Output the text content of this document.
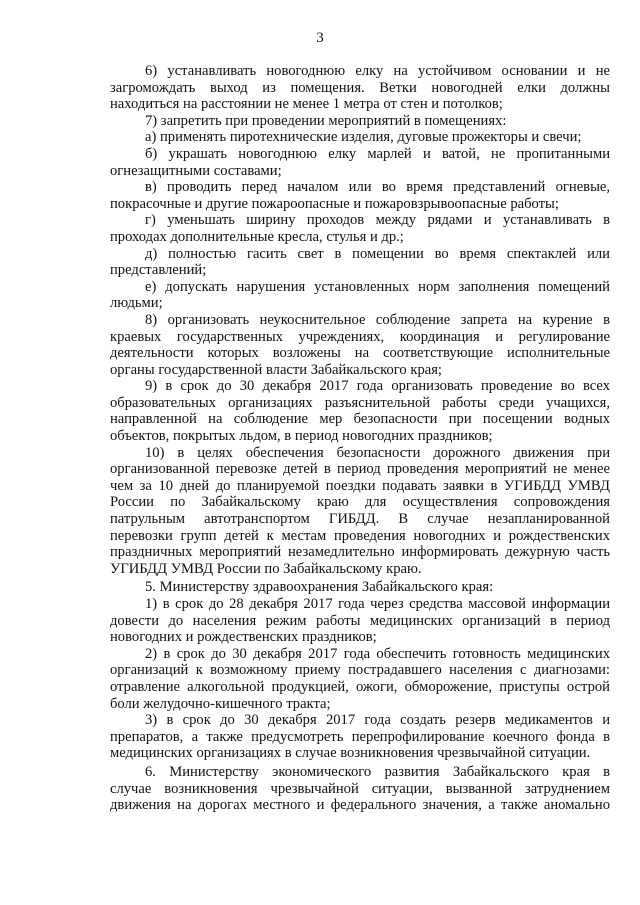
3
6) устанавливать новогоднюю елку на устойчивом основании и не
загромождать выход из помещения. Ветки новогодней елки должны
находиться на расстоянии не менее 1 метра от стен и потолков;
7) запретить при проведении мероприятий в помещениях:
а) применять пиротехнические изделия, дуговые прожекторы и свечи;
б) украшать новогоднюю елку марлей и ватой, не пропитанными
огнезащитными составами;
в) проводить перед началом или во время представлений огневые,
покрасочные и другие пожароопасные и пожаровзрывоопасные работы;
г) уменьшать ширину проходов между рядами и устанавливать в
проходах дополнительные кресла, стулья и др.;
д) полностью гасить свет в помещении во время спектаклей или
представлений;
е) допускать нарушения установленных норм заполнения помещений
людьми;
8) организовать неукоснительное соблюдение запрета на курение в
краевых государственных учреждениях, координация и регулирование
деятельности которых возложены на соответствующие исполнительные
органы государственной власти Забайкальского края;
9) в срок до 30 декабря 2017 года организовать проведение во всех
образовательных организациях разъяснительной работы среди учащихся,
направленной на соблюдение мер безопасности при посещении водных
объектов, покрытых льдом, в период новогодних праздников;
10) в целях обеспечения безопасности дорожного движения при
организованной перевозке детей в период проведения мероприятий не менее
чем за 10 дней до планируемой поездки подавать заявки в УГИБДД УМВД
России по Забайкальскому краю для осуществления сопровождения
патрульным автотранспортом ГИБДД. В случае незапланированной
перевозки групп детей к местам проведения новогодних и рождественских
праздничных мероприятий незамедлительно информировать дежурную часть
УГИБДД УМВД России по Забайкальскому краю.
5. Министерству здравоохранения Забайкальского края:
1) в срок до 28 декабря 2017 года через средства массовой информации
довести до населения режим работы медицинских организаций в период
новогодних и рождественских праздников;
2) в срок до 30 декабря 2017 года обеспечить готовность медицинских
организаций к возможному приему пострадавшего населения с диагнозами:
отравление алкогольной продукцией, ожоги, обморожение, приступы острой
боли желудочно-кишечного тракта;
3) в срок до 30 декабря 2017 года создать резерв медикаментов и
препаратов, а также предусмотреть перепрофилирование коечного фонда в
медицинских организациях в случае возникновения чрезвычайной ситуации.
6. Министерству экономического развития Забайкальского края в
случае возникновения чрезвычайной ситуации, вызванной затруднением
движения на дорогах местного и федерального значения, а также аномально
